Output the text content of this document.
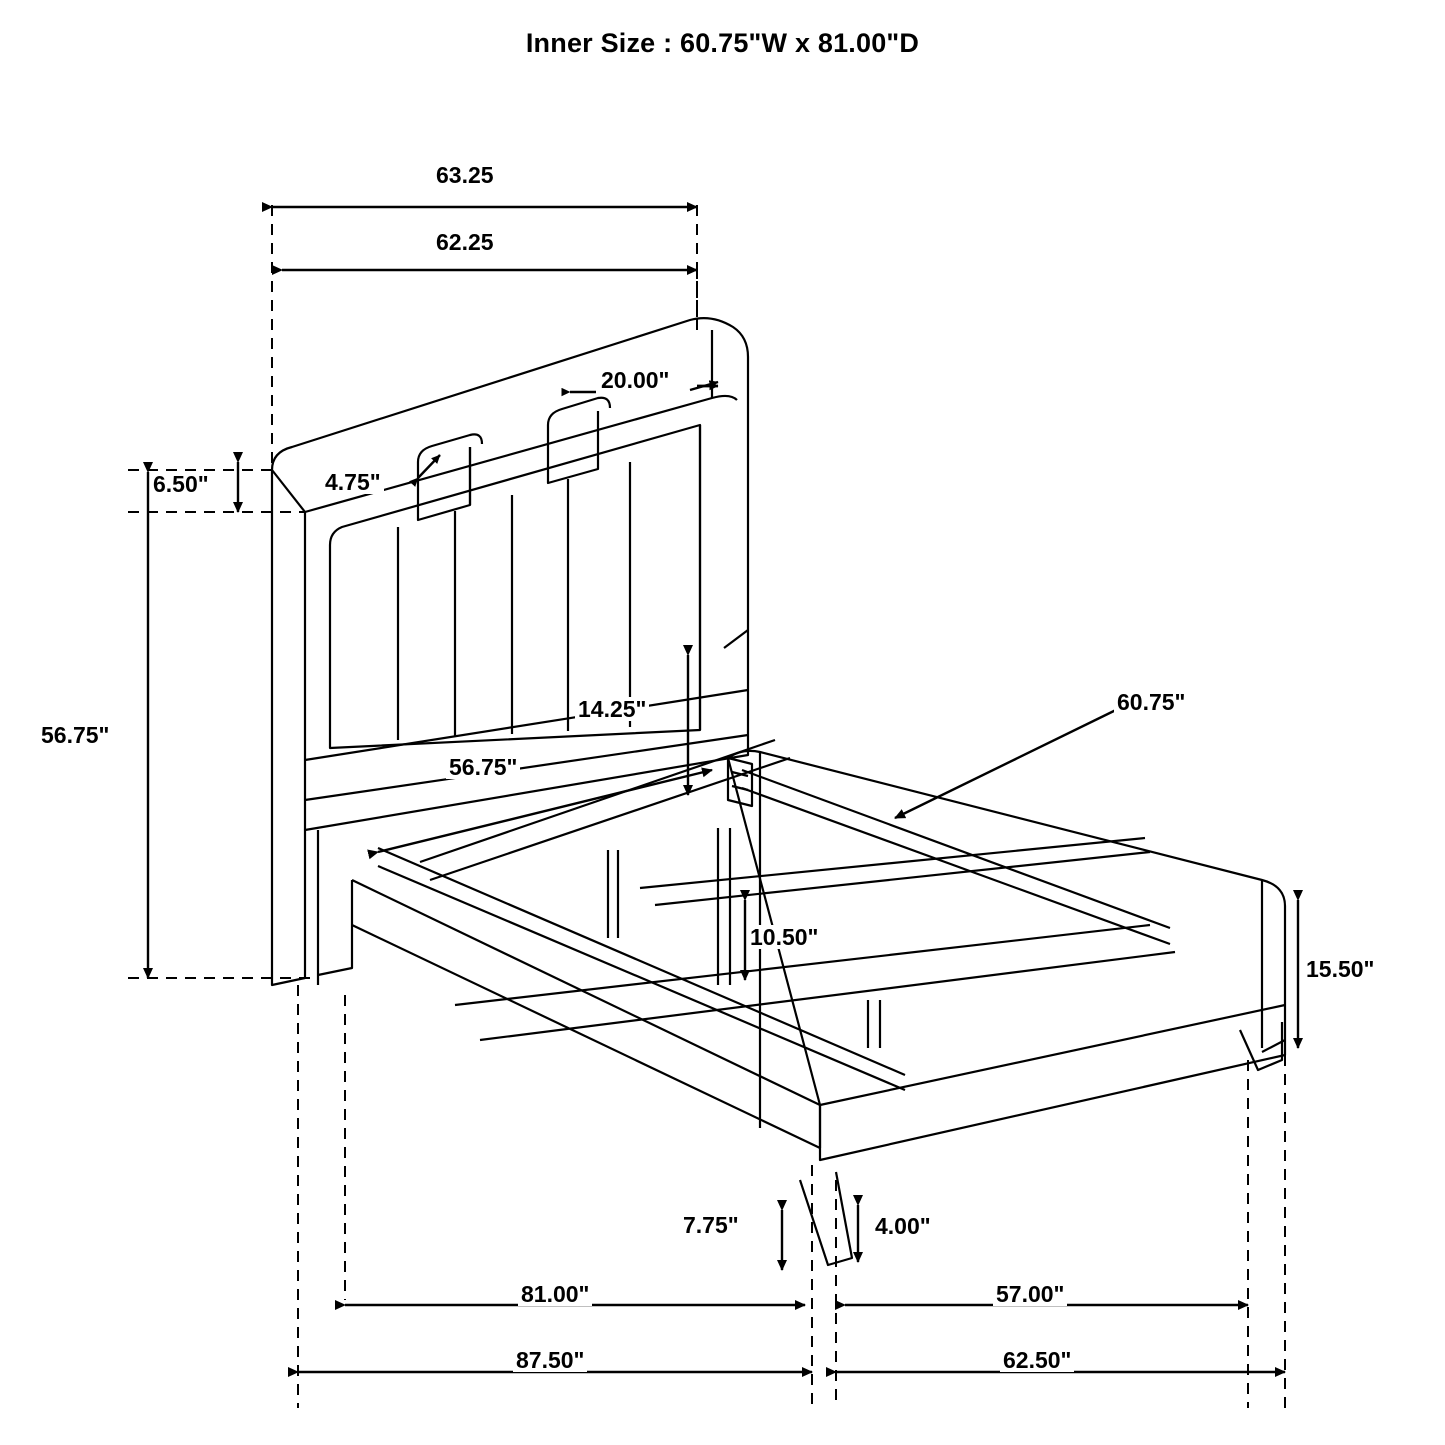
Inner Size : 60.75"W x 81.00"D
63.25
62.25
20.00"
6.50"	4.75"
56.75"
14.25"
56.75"
60.75"
10.50"
15.50"
7.75"	4.00"
81.00"	57.00"
87.50"	62.50"
